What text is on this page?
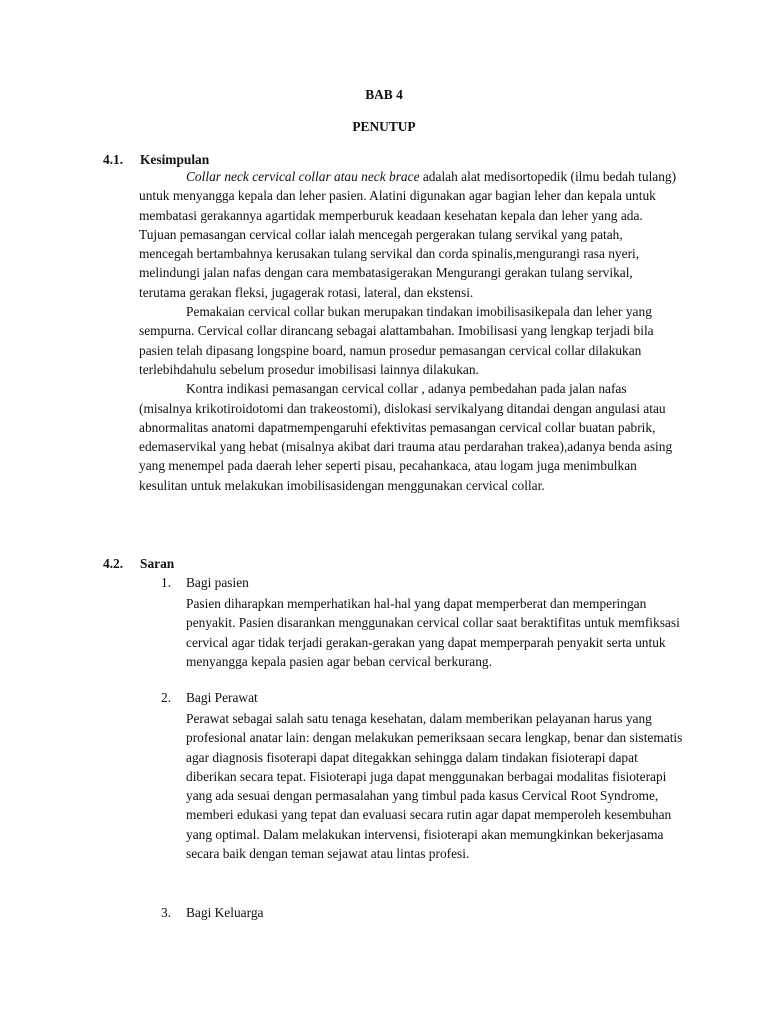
BAB 4
PENUTUP
4.1. Kesimpulan

Collar neck cervical collar atau neck brace adalah alat medisortopedik (ilmu bedah tulang) untuk menyangga kepala dan leher pasien. Alatini digunakan agar bagian leher dan kepala untuk membatasi gerakannya agartidak memperburuk keadaan kesehatan kepala dan leher yang ada. Tujuan pemasangan cervical collar ialah mencegah pergerakan tulang servikal yang patah, mencegah bertambahnya kerusakan tulang servikal dan corda spinalis,mengurangi rasa nyeri, melindungi jalan nafas dengan cara membatasigerakan Mengurangi gerakan tulang servikal, terutama gerakan fleksi, jugagerak rotasi, lateral, dan ekstensi.

Pemakaian cervical collar bukan merupakan tindakan imobilisasikepala dan leher yang sempurna. Cervical collar dirancang sebagai alattambahan. Imobilisasi yang lengkap terjadi bila pasien telah dipasang longspine board, namun prosedur pemasangan cervical collar dilakukan terlebihdahulu sebelum prosedur imobilisasi lainnya dilakukan.

Kontra indikasi pemasangan cervical collar , adanya pembedahan pada jalan nafas (misalnya krikotiroidotomi dan trakeostomi), dislokasi servikalyang ditandai dengan angulasi atau abnormalitas anatomi dapatmempengaruhi efektivitas pemasangan cervical collar buatan pabrik, edemaservikal yang hebat (misalnya akibat dari trauma atau perdarahan trakea),adanya benda asing yang menempel pada daerah leher seperti pisau, pecahankaca, atau logam juga menimbulkan kesulitan untuk melakukan imobilisasidengan menggunakan cervical collar.

4.2. Saran
1. Bagi pasien
Pasien diharapkan memperhatikan hal-hal yang dapat memperberat dan memperingan penyakit. Pasien disarankan menggunakan cervical collar saat beraktifitas untuk memfiksasi cervical agar tidak terjadi gerakan-gerakan yang dapat memperparah penyakit serta untuk menyangga kepala pasien agar beban cervical berkurang.
2. Bagi Perawat
Perawat sebagai salah satu tenaga kesehatan, dalam memberikan pelayanan harus yang profesional anatar lain: dengan melakukan pemeriksaan secara lengkap, benar dan sistematis agar diagnosis fisoterapi dapat ditegakkan sehingga dalam tindakan fisioterapi dapat diberikan secara tepat. Fisioterapi juga dapat menggunakan berbagai modalitas fisioterapi yang ada sesuai dengan permasalahan yang timbul pada kasus Cervical Root Syndrome, memberi edukasi yang tepat dan evaluasi secara rutin agar dapat memperoleh kesembuhan yang optimal. Dalam melakukan intervensi, fisioterapi akan memungkinkan bekerjasama secara baik dengan teman sejawat atau lintas profesi.
3. Bagi Keluarga
